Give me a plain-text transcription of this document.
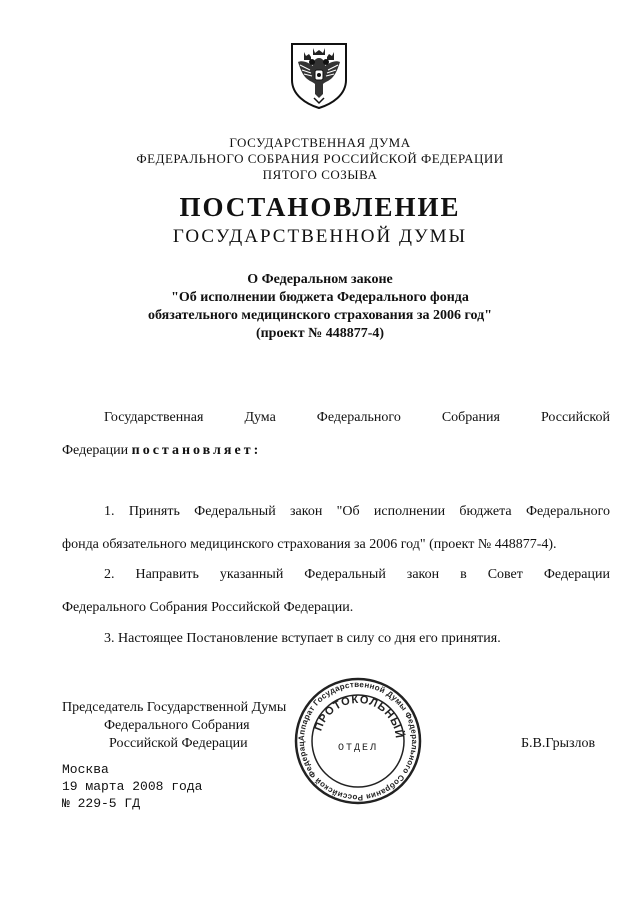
ГОСУДАРСТВЕННАЯ ДУМА
ФЕДЕРАЛЬНОГО СОБРАНИЯ РОССИЙСКОЙ ФЕДЕРАЦИИ
ПЯТОГО СОЗЫВА
ПОСТАНОВЛЕНИЕ
ГОСУДАРСТВЕННОЙ ДУМЫ
О Федеральном законе
"Об исполнении бюджета Федерального фонда
обязательного медицинского страхования за 2006 год"
(проект № 448877-4)
Государственная	Дума	Федерального	Собрания	Российской
Федерации постановляет:
1. Принять Федеральный закон "Об исполнении бюджета Федерального
фонда обязательного медицинского страхования за 2006 год" (проект № 448877-4).
2. Направить указанный Федеральный закон в Совет Федерации
Федерального Собрания Российской Федерации.
3. Настоящее Постановление вступает в силу со дня его принятия.
Председатель Государственной Думы
Федерального Собрания
Российской Федерации	Б.В.Грызлов
Аппарат Государственной Думы Федерального Собрания Российской Федерац
ПРОТОКОЛЬНЫЙ
ОТДЕЛ
Москва
19 марта 2008 года
№ 229-5 ГД
